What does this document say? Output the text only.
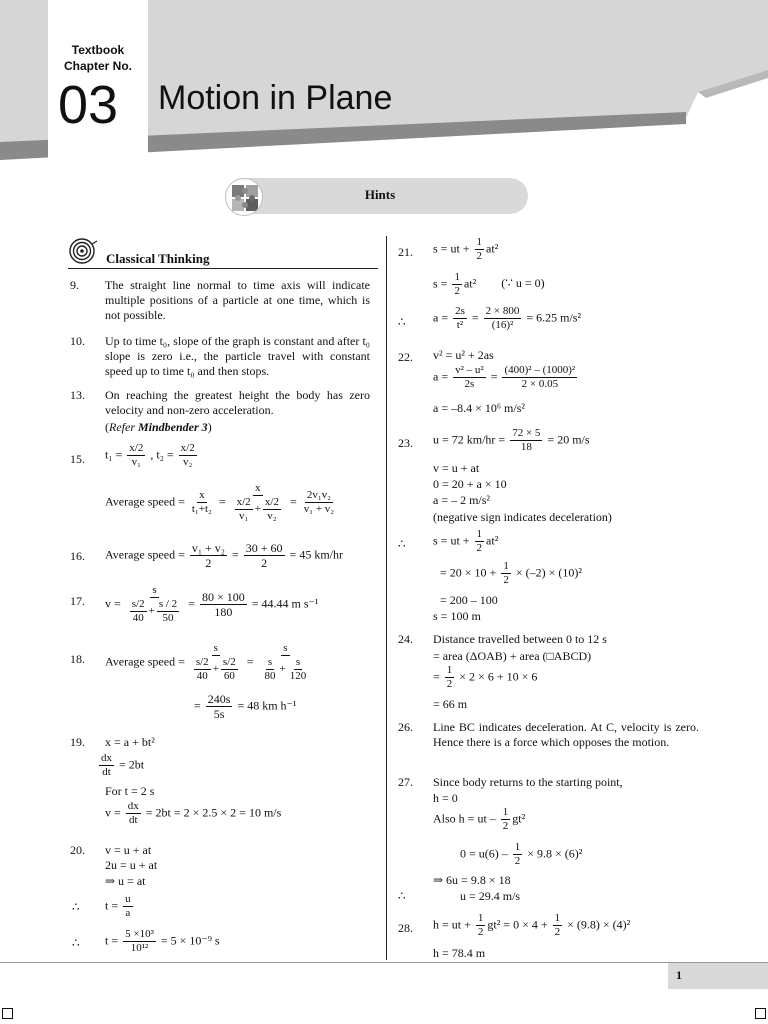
Textbook
Chapter No.
03 Motion in Plane
Hints
Classical Thinking
9. The straight line normal to time axis will indicate multiple positions of a particle at one time, which is not possible.
10. Up to time t₀, slope of the graph is constant and after t₀ slope is zero i.e., the particle travel with constant speed up to time t₀ and then stops.
13. On reaching the greatest height the body has zero velocity and non-zero acceleration.
(Refer Mindbender 3)
15. $t_1 = \frac{x/2}{\text{v₁}}$ , $t_2 = \frac{x/2}{\text{v₂}}$
Average speed = $\frac{x}{\text{t₁+t₂}} = \frac{x}{\frac{x/2}{\text{v₁}} + \frac{x/2}{\text{v₂}}} = \frac{\text{2v₁v₂}}{\text{v₁ + v₂}}$
16. Average speed = $\frac{\text{v₁ + v₂}}{2} = \frac{30 + 60}{2} = 45$ km/hr
17. $v = \frac{s}{\frac{s/2}{40} + \frac{s / 2}{50}} = \frac{80 \times 100}{180} = 44.44$ m s⁻¹
18. Average speed = $\frac{s}{\frac{s/2}{40} + \frac{s/2}{60}} = \frac{s}{\frac{s}{80} + \frac{s}{120}}$
= $\frac{240s}{5s} = 48$ km h⁻¹
19. x = a + bt²
$\frac{dx}{dt} = 2bt$
For t = 2 s
$v = \frac{dx}{dt} = 2bt = 2 \times 2.5 \times 2 = 10$ m/s
20. v = u + at
2u = u + at
⇒ u = at
∴ $t = \frac{u}{a}$
∴ $t = \frac{\text{5 ×10³}}{\text{10¹²}} = 5 \times 10^{-9}$ s
21. s = ut + $\frac{1}{2} at^2$
$s = \frac{1}{2} at^2$ (∵ u = 0)
∴ $a = \frac{2s}{\text{t²}} = \frac{2 \times 800}{\text{(16)²}} = 6.25$ m/s²
22. v² = u² + 2as
$a = \frac{\text{v² – u²}}{2s} = \frac{\text{(400)² – (1000)²}}{2 \times 0.05}$
a = –8.4 × 10⁶ m/s²
23. u = 72 $km/hr = \frac{72 \times 5}{18} = 20$ m/s
v = u + at
0 = 20 + a × 10
a = – 2 m/s²
(negative sign indicates deceleration)
∴ s = ut + $\frac{1}{2} at^2$
= $20 \times 10 + \frac{1}{2} \times (-2) \times (10)^2$
= 200 – 100
s = 100 m
24. Distance travelled between 0 to 12 s
= area (ΔOAB) + area (□ABCD)
= $\frac{1}{2} \times 2 \times 6 + 10 \times 6$
= 66 m
26. Line BC indicates deceleration. At C, velocity is zero. Hence there is a force which opposes the motion.
27. Since body returns to the starting point,
h = 0
Also h = ut – $\frac{1}{2} gt^2$
$0 = u(6) - \frac{1}{2} \times 9.8 \times (6)^2$
⇒ 6u = 9.8 × 18
∴	u = 29.4 m/s
28. h = ut + $\frac{1}{2} gt^2 = 0 \times 4 + \frac{1}{2} \times (9.8) \times (4)^2$
h = 78.4 m
1
